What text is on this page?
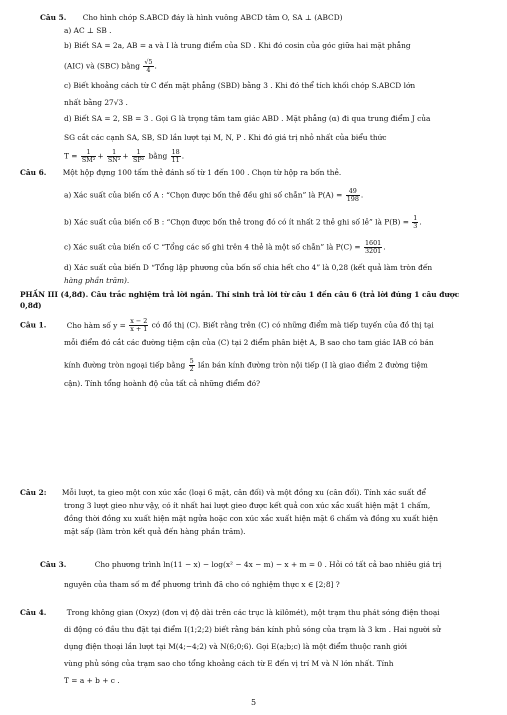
Câu 5. Cho hình chóp S.ABCD đáy là hình vuông ABCD tâm O, SA ⊥ (ABCD)
a) AC ⊥ SB .
b) Biết SA = 2a, AB = a và I là trung điểm của SD . Khi đó cosin của góc giữa hai mặt phẳng
(AIC) và (SBC) bằng $\frac{√5}{4}$ .
c) Biết khoảng cách từ C đến mặt phẳng (SBD) bằng 3 . Khi đó thể tích khối chóp S.ABCD lớn
nhất bằng 27√3 .
d) Biết SA = 2, SB = 3 . Gọi G là trọng tâm tam giác ABD . Mặt phẳng (α) đi qua trung điểm J của
SG cắt các cạnh SA, SB, SD lần lượt tại M, N, P . Khi đó giá trị nhỏ nhất của biểu thức
$T = \frac{1}{\text{SM²}} + \frac{1}{\text{SN²}} + \frac{1}{\text{SP²}}$ bằng $\frac{18}{11}$ .
Câu 6. Một hộp đựng 100 tấm thẻ đánh số từ 1 đến 100 . Chọn từ hộp ra bốn thẻ.
a) Xác suất của biến cố A : “Chọn được bốn thẻ đều ghi số chẵn” là $P(A) = \frac{49}{198}$ .
b) Xác suất của biến cố B : “Chọn được bốn thẻ trong đó có ít nhất 2 thẻ ghi số lẻ” là $P(B) = \frac{1}{3}$ .
c) Xác suất của biến cố C “Tổng các số ghi trên 4 thẻ là một số chẵn” là $P(C) = \frac{1601}{3201}$ .
d) Xác suất của biến D “Tổng lập phương của bốn số chia hết cho 4” là 0,28 (kết quả làm tròn đến
hàng phần trăm).
PHẦN III (4,8đ). Câu trắc nghiệm trả lời ngắn. Thí sinh trả lời từ câu 1 đến câu 6 (trả lời đúng 1 câu được
0,8đ)
Câu 1.	Cho hàm số $y = \frac{x - 2}{x + 1}$ có đồ thị (C). Biết rằng trên (C) có những điểm mà tiếp tuyến của đồ thị tại
mỗi điểm đó cắt các đường tiệm cận của (C) tại 2 điểm phân biệt A, B sao cho tam giác IAB có bán
kính đường tròn ngoại tiếp bằng $\frac{5}{2}$ lần bán kính đường tròn nội tiếp (I là giao điểm 2 đường tiệm
cận). Tính tổng hoành độ của tất cả những điểm đó?
Câu 2: Mỗi lượt, ta gieo một con xúc xắc (loại 6 mặt, cân đối) và một đồng xu (cân đối). Tính xác suất để
trong 3 lượt gieo như vậy, có ít nhất hai lượt gieo được kết quả con xúc xắc xuất hiện mặt 1 chấm,
đồng thời đồng xu xuất hiện mặt ngửa hoặc con xúc xắc xuất hiện mặt 6 chấm và đồng xu xuất hiện
mặt sấp (làm tròn kết quả đến hàng phần trăm).
Câu 3.	Cho phương trình ln(11 − x) − log(x² − 4x − m) − x + m = 0 . Hỏi có tất cả bao nhiêu giá trị
nguyên của tham số m để phương trình đã cho có nghiệm thực x ∈ [2;8] ?
Câu 4.	Trong không gian (Oxyz) (đơn vị độ dài trên các trục là kilômét), một trạm thu phát sóng điện thoại
di động có đầu thu đặt tại điểm I(1;2;2) biết rằng bán kính phủ sóng của trạm là 3 km . Hai người sử
dụng điện thoại lần lượt tại M(4;−4;2) và N(6;0;6). Gọi E(a;b;c) là một điểm thuộc ranh giới
vùng phủ sóng của trạm sao cho tổng khoảng cách từ E đến vị trí M và N lớn nhất. Tính
T = a + b + c .
5
